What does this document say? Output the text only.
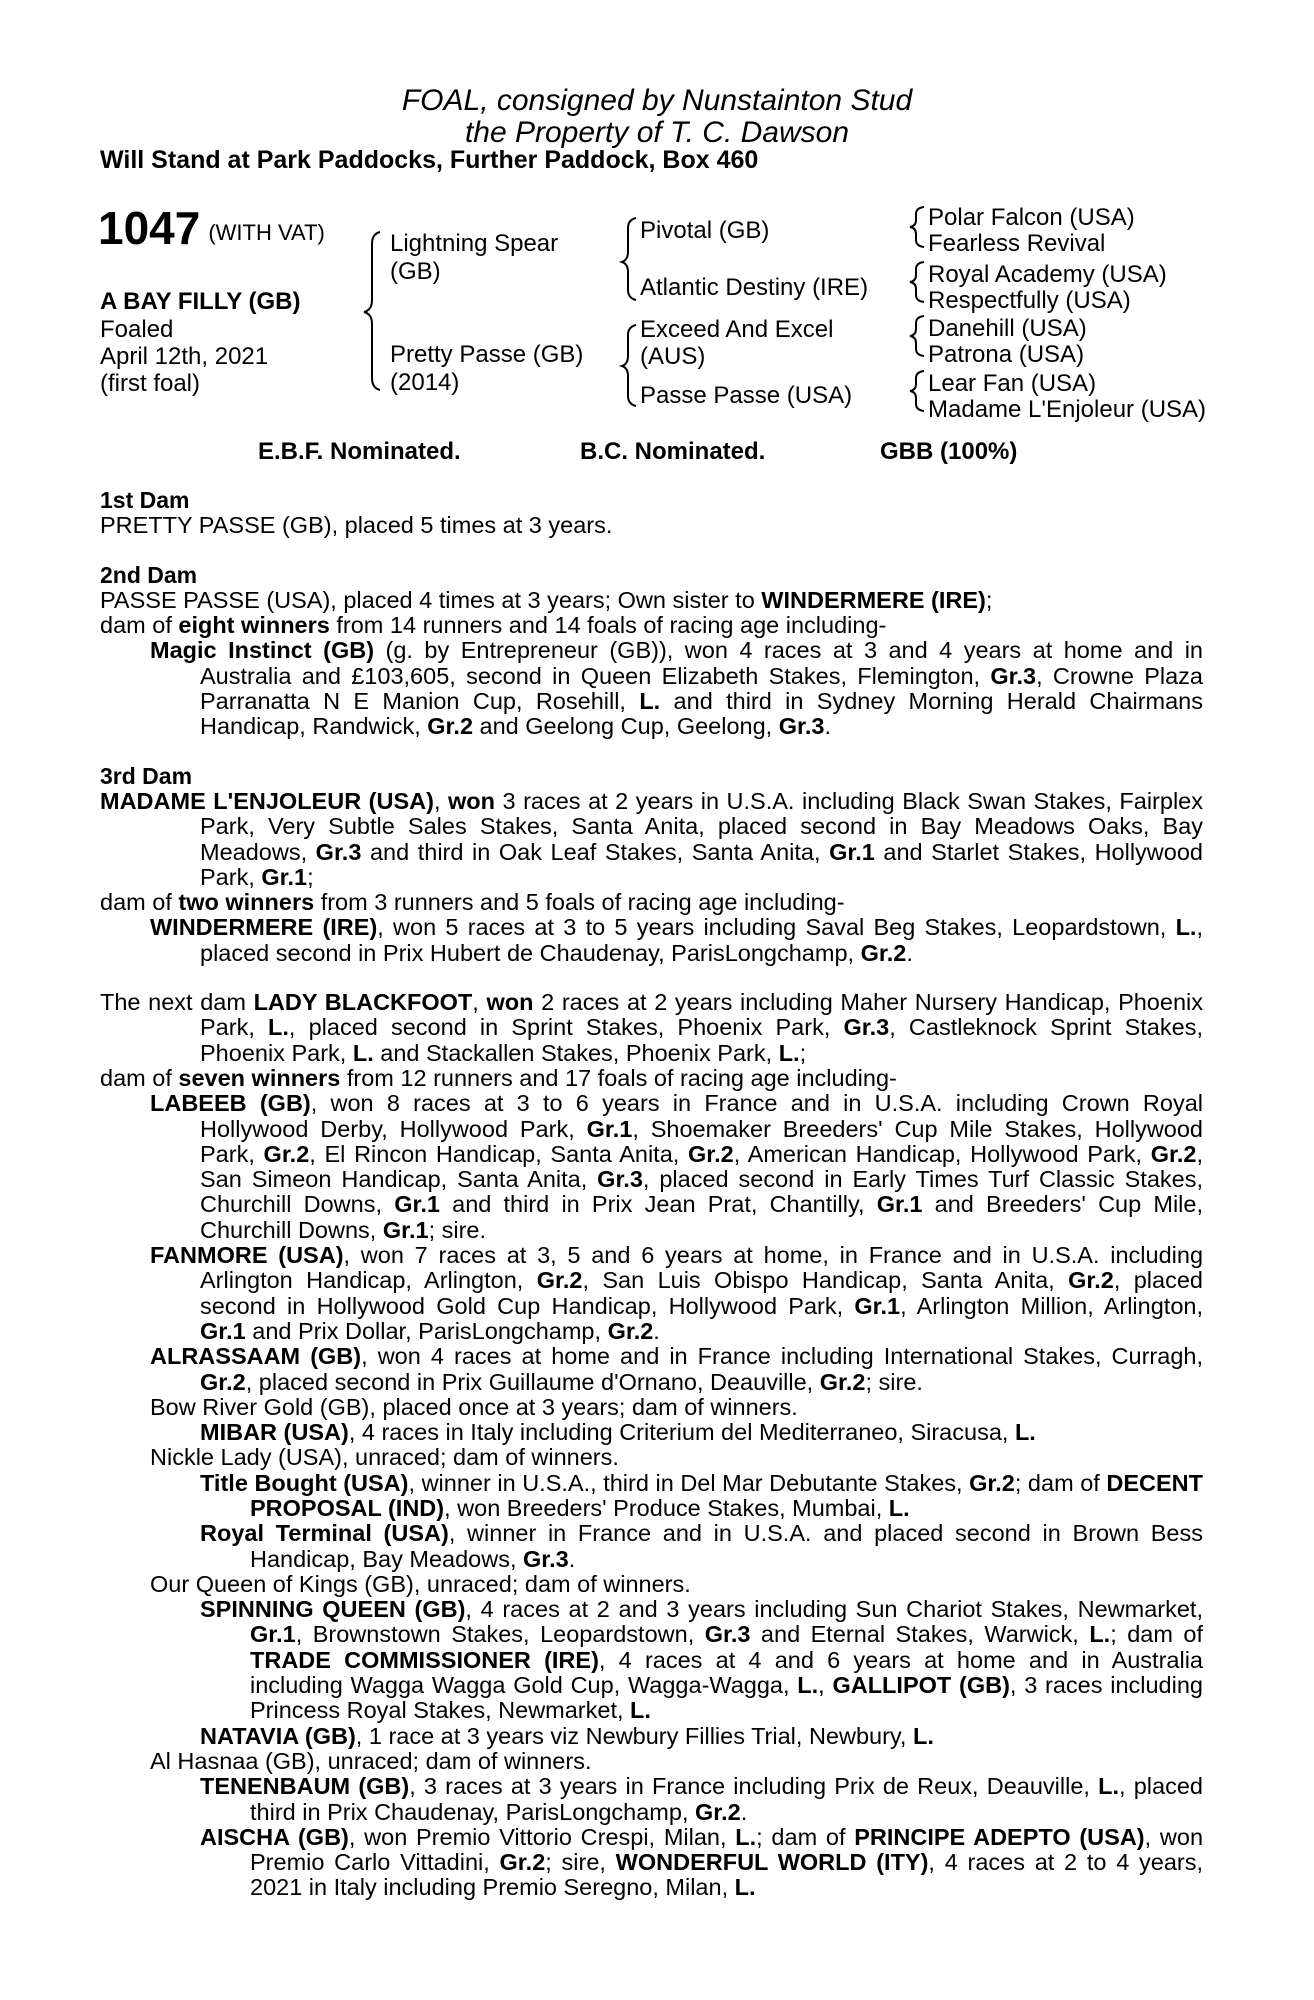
FOAL, consigned by Nunstainton Stud
the Property of T. C. Dawson
Will Stand at Park Paddocks, Further Paddock, Box 460
1047 (WITH VAT)
A BAY FILLY (GB)
Foaled
April 12th, 2021
(first foal)
Lightning Spear
(GB)
Pretty Passe (GB)
(2014)
Pivotal (GB)
Atlantic Destiny (IRE)
Exceed And Excel
(AUS)
Passe Passe (USA)
Polar Falcon (USA)
Fearless Revival
Royal Academy (USA)
Respectfully (USA)
Danehill (USA)
Patrona (USA)
Lear Fan (USA)
Madame L'Enjoleur (USA)
E.B.F. Nominated.	B.C. Nominated.	GBB (100%)

1st Dam

PRETTY PASSE (GB), placed 5 times at 3 years.

2nd Dam

PASSE PASSE (USA), placed 4 times at 3 years; Own sister to WINDERMERE (IRE);

dam of eight winners from 14 runners and 14 foals of racing age including-

Magic Instinct (GB) (g. by Entrepreneur (GB)), won 4 races at 3 and 4 years at home and in Australia and £103,605, second in Queen Elizabeth Stakes, Flemington, Gr.3, Crowne Plaza Parranatta N E Manion Cup, Rosehill, L. and third in Sydney Morning Herald Chairmans Handicap, Randwick, Gr.2 and Geelong Cup, Geelong, Gr.3.

3rd Dam

MADAME L'ENJOLEUR (USA), won 3 races at 2 years in U.S.A. including Black Swan Stakes, Fairplex Park, Very Subtle Sales Stakes, Santa Anita, placed second in Bay Meadows Oaks, Bay Meadows, Gr.3 and third in Oak Leaf Stakes, Santa Anita, Gr.1 and Starlet Stakes, Hollywood Park, Gr.1;

dam of two winners from 3 runners and 5 foals of racing age including-

WINDERMERE (IRE), won 5 races at 3 to 5 years including Saval Beg Stakes, Leopardstown, L., placed second in Prix Hubert de Chaudenay, ParisLongchamp, Gr.2.

The next dam LADY BLACKFOOT, won 2 races at 2 years including Maher Nursery Handicap, Phoenix Park, L., placed second in Sprint Stakes, Phoenix Park, Gr.3, Castleknock Sprint Stakes, Phoenix Park, L. and Stackallen Stakes, Phoenix Park, L.;

dam of seven winners from 12 runners and 17 foals of racing age including-

LABEEB (GB), won 8 races at 3 to 6 years in France and in U.S.A. including Crown Royal Hollywood Derby, Hollywood Park, Gr.1, Shoemaker Breeders' Cup Mile Stakes, Hollywood Park, Gr.2, El Rincon Handicap, Santa Anita, Gr.2, American Handicap, Hollywood Park, Gr.2, San Simeon Handicap, Santa Anita, Gr.3, placed second in Early Times Turf Classic Stakes, Churchill Downs, Gr.1 and third in Prix Jean Prat, Chantilly, Gr.1 and Breeders' Cup Mile, Churchill Downs, Gr.1; sire.

FANMORE (USA), won 7 races at 3, 5 and 6 years at home, in France and in U.S.A. including Arlington Handicap, Arlington, Gr.2, San Luis Obispo Handicap, Santa Anita, Gr.2, placed second in Hollywood Gold Cup Handicap, Hollywood Park, Gr.1, Arlington Million, Arlington, Gr.1 and Prix Dollar, ParisLongchamp, Gr.2.

ALRASSAAM (GB), won 4 races at home and in France including International Stakes, Curragh, Gr.2, placed second in Prix Guillaume d'Ornano, Deauville, Gr.2; sire.

Bow River Gold (GB), placed once at 3 years; dam of winners.

MIBAR (USA), 4 races in Italy including Criterium del Mediterraneo, Siracusa, L.

Nickle Lady (USA), unraced; dam of winners.

Title Bought (USA), winner in U.S.A., third in Del Mar Debutante Stakes, Gr.2; dam of DECENT PROPOSAL (IND), won Breeders' Produce Stakes, Mumbai, L.

Royal Terminal (USA), winner in France and in U.S.A. and placed second in Brown Bess Handicap, Bay Meadows, Gr.3.

Our Queen of Kings (GB), unraced; dam of winners.

SPINNING QUEEN (GB), 4 races at 2 and 3 years including Sun Chariot Stakes, Newmarket, Gr.1, Brownstown Stakes, Leopardstown, Gr.3 and Eternal Stakes, Warwick, L.; dam of TRADE COMMISSIONER (IRE), 4 races at 4 and 6 years at home and in Australia including Wagga Wagga Gold Cup, Wagga-Wagga, L., GALLIPOT (GB), 3 races including Princess Royal Stakes, Newmarket, L.

NATAVIA (GB), 1 race at 3 years viz Newbury Fillies Trial, Newbury, L.

Al Hasnaa (GB), unraced; dam of winners.

TENENBAUM (GB), 3 races at 3 years in France including Prix de Reux, Deauville, L., placed third in Prix Chaudenay, ParisLongchamp, Gr.2.

AISCHA (GB), won Premio Vittorio Crespi, Milan, L.; dam of PRINCIPE ADEPTO (USA), won Premio Carlo Vittadini, Gr.2; sire, WONDERFUL WORLD (ITY), 4 races at 2 to 4 years, 2021 in Italy including Premio Seregno, Milan, L.
